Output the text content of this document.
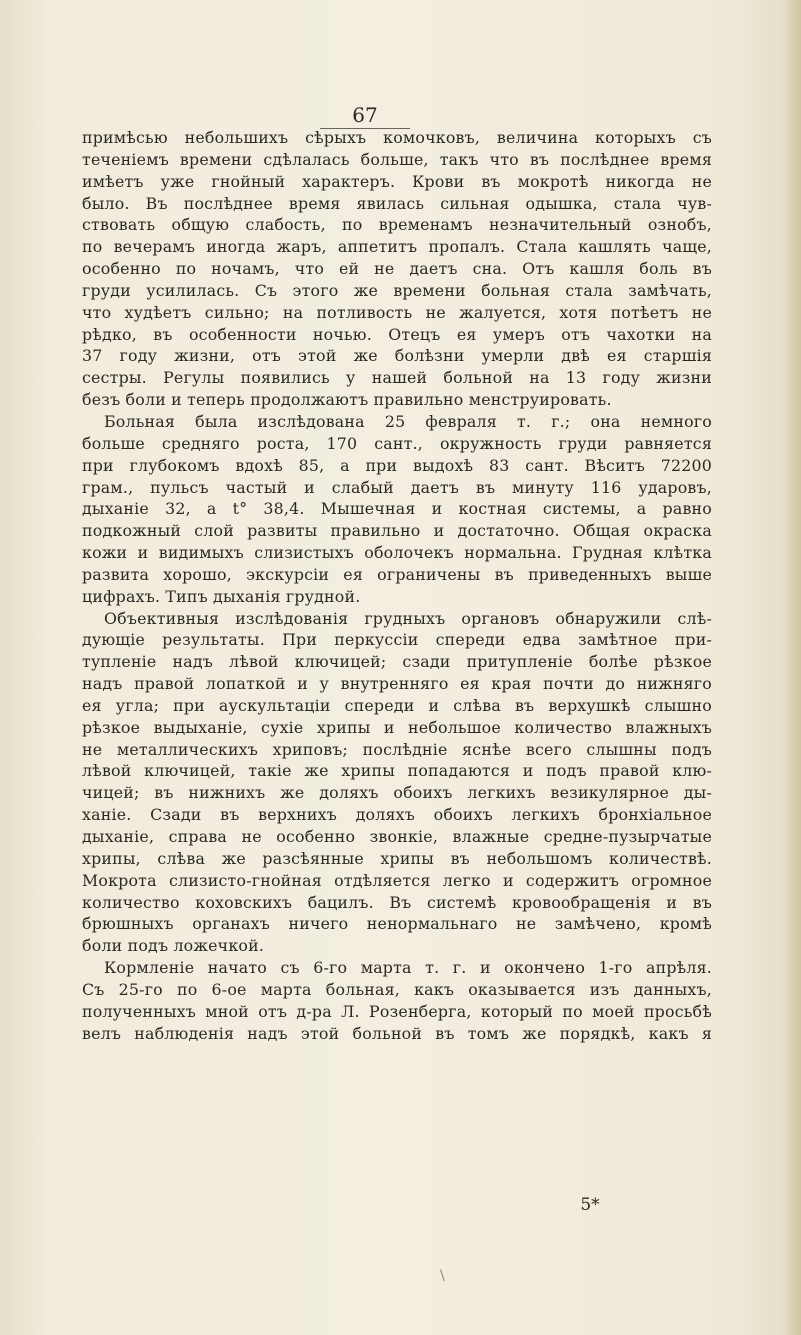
67
примѣсью небольшихъ сѣрыхъ комочковъ, величина которыхъ съ
теченіемъ времени сдѣлалась больше, такъ что въ послѣднее время
имѣетъ уже гнойный характеръ. Крови въ мокротѣ никогда не
было. Въ послѣднее время явилась сильная одышка, стала чув-
ствовать общую слабость, по временамъ незначительный ознобъ,
по вечерамъ иногда жаръ, аппетитъ пропалъ. Стала кашлять чаще,
особенно по ночамъ, что ей не даетъ сна. Отъ кашля боль въ
груди усилилась. Съ этого же времени больная стала замѣчать,
что худѣетъ сильно; на потливость не жалуется, хотя потѣетъ не
рѣдко, въ особенности ночью. Отецъ ея умеръ отъ чахотки на
37 году жизни, отъ этой же болѣзни умерли двѣ ея старшія
сестры. Регулы появились у нашей больной на 13 году жизни
безъ боли и теперь продолжаютъ правильно менструировать.
Больная была изслѣдована 25 февраля т. г.; она немного
больше средняго роста, 170 сант., окружность груди равняется
при глубокомъ вдохѣ 85, а при выдохѣ 83 сант. Вѣситъ 72200
грам., пульсъ частый и слабый даетъ въ минуту 116 ударовъ,
дыханіе 32, а t° 38,4. Мышечная и костная системы, а равно
подкожный слой развиты правильно и достаточно. Общая окраска
кожи и видимыхъ слизистыхъ оболочекъ нормальна. Грудная клѣтка
развита хорошо, экскурсіи ея ограничены въ приведенныхъ выше
цифрахъ. Типъ дыханія грудной.
Объективныя изслѣдованія грудныхъ органовъ обнаружили слѣ-
дующіе результаты. При перкуссіи спереди едва замѣтное при-
тупленіе надъ лѣвой ключицей; сзади притупленіе болѣе рѣзкое
надъ правой лопаткой и у внутренняго ея края почти до нижняго
ея угла; при аускультаціи спереди и слѣва въ верхушкѣ слышно
рѣзкое выдыханіе, сухіе хрипы и небольшое количество влажныхъ
не металлическихъ хриповъ; послѣдніе яснѣе всего слышны подъ
лѣвой ключицей, такіе же хрипы попадаются и подъ правой клю-
чицей; въ нижнихъ же доляхъ обоихъ легкихъ везикулярное ды-
ханіе. Сзади въ верхнихъ доляхъ обоихъ легкихъ бронхіальное
дыханіе, справа не особенно звонкіе, влажные средне-пузырчатые
хрипы, слѣва же разсѣянные хрипы въ небольшомъ количествѣ.
Мокрота слизисто-гнойная отдѣляется легко и содержитъ огромное
количество коховскихъ бацилъ. Въ системѣ кровообращенія и въ
брюшныхъ органахъ ничего ненормальнаго не замѣчено, кромѣ
боли подъ ложечкой.
Кормленіе начато съ 6-го марта т. г. и окончено 1-го апрѣля.
Съ 25-го по 6-ое марта больная, какъ оказывается изъ данныхъ,
полученныхъ мной отъ д-ра Л. Розенберга, который по моей просьбѣ
велъ наблюденія надъ этой больной въ томъ же порядкѣ, какъ я
5*
\
